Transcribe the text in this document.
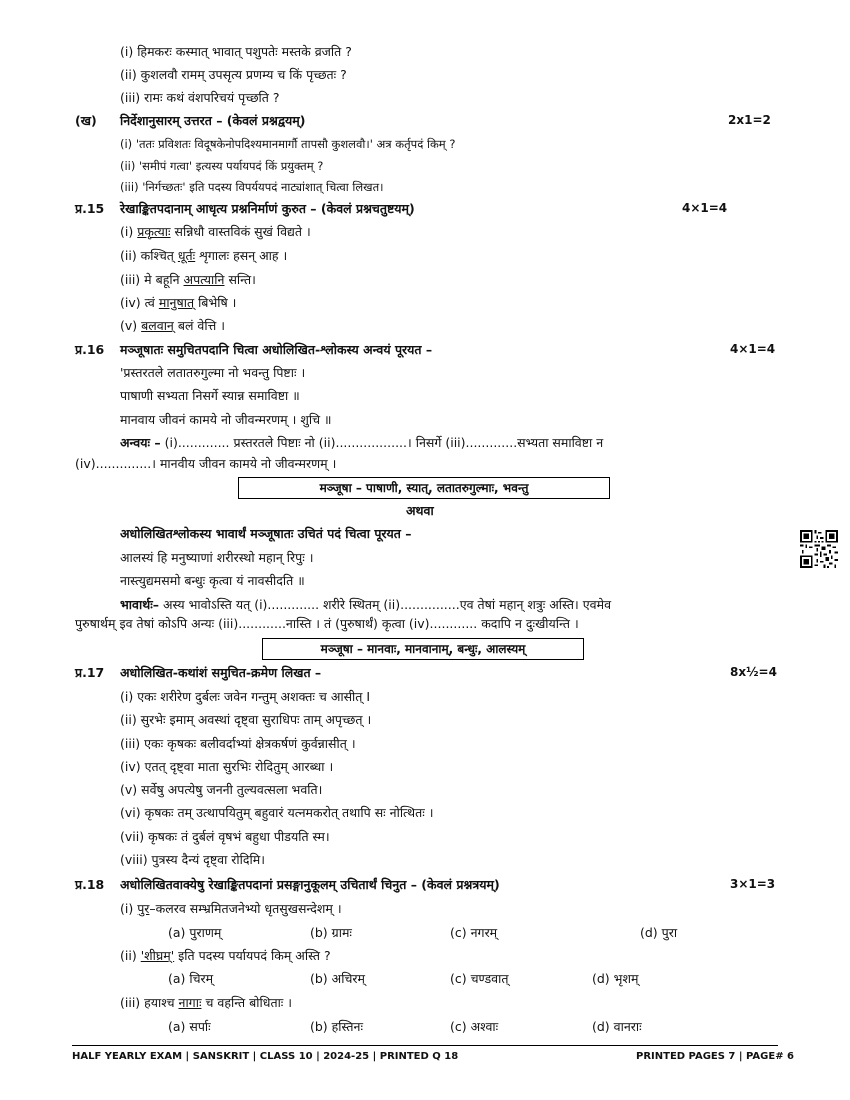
(i) हिमकरः कस्मात् भावात् पशुपतेः मस्तके व्रजति ?
(ii) कुशलवौ रामम् उपसृत्य प्रणम्य च किं पृच्छतः ?
(iii) रामः कथं वंशपरिचयं पृच्छति ?
(ख) निर्देशानुसारम् उत्तरत – (केवलं प्रश्नद्वयम्)	2x1=2
(i) 'ततः प्रविशतः विदूषकेनोपदिश्यमानमार्गौ तापसौ कुशलवौ।' अत्र कर्तृपदं किम् ?
(ii) 'समीपं गत्वा' इत्यस्य पर्यायपदं किं प्रयुक्तम् ?
(iii) 'निर्गच्छतः' इति पदस्य विपर्ययपदं नाट्यांशात् चित्वा लिखत।
प्र.15 रेखाङ्कितपदानाम् आधृत्य प्रश्ननिर्माणं कुरुत – (केवलं प्रश्नचतुष्टयम्)	4×1=4
(i) प्रकृत्याः सन्निधौ वास्तविकं सुखं विद्यते ।
(ii) कश्चित् धूर्तः शृगालः हसन् आह ।
(iii) मे बहूनि अपत्यानि सन्ति।
(iv) त्वं मानुषात् बिभेषि ।
(v) बलवान् बलं वेत्ति ।
प्र.16 मञ्जूषातः समुचितपदानि चित्वा अधोलिखित-श्लोकस्य अन्वयं पूरयत –	4×1=4
'प्रस्तरतले लतातरुगुल्मा नो भवन्तु पिष्टाः ।
पाषाणी सभ्यता निसर्गे स्यान्न समाविष्टा ॥
मानवाय जीवनं कामये नो जीवन्मरणम् । शुचि ॥
अन्वयः – (i)............. प्रस्तरतले पिष्टाः नो (ii)..................। निसर्गे (iii).............सभ्यता समाविष्टा न
(iv)..............। मानवीय जीवन कामये नो जीवन्मरणम् ।
मञ्जूषा – पाषाणी, स्यात्, लतातरुगुल्माः, भवन्तु
अथवा
अधोलिखितश्लोकस्य भावार्थं मञ्जूषातः उचितं पदं चित्वा पूरयत –
आलस्यं हि मनुष्याणां शरीरस्थो महान् रिपुः ।
नास्त्युद्यमसमो बन्धुः कृत्वा यं नावसीदति ॥
भावार्थः– अस्य भावोऽस्ति यत् (i)............. शरीरे स्थितम् (ii)...............एव तेषां महान् शत्रुः अस्ति। एवमेव
पुरुषार्थम् इव तेषां कोऽपि अन्यः (iii)............नास्ति । तं (पुरुषार्थं) कृत्वा (iv)............ कदापि न दुःखीयन्ति ।
मञ्जूषा – मानवाः, मानवानाम्, बन्धुः, आलस्यम्
प्र.17 अधोलिखित-कथांशं समुचित-क्रमेण लिखत –	8x½=4
(i) एकः शरीरेण दुर्बलः जवेन गन्तुम् अशक्तः च आसीत् I
(ii) सुरभेः इमाम् अवस्थां दृष्ट्वा सुराधिपः ताम् अपृच्छत् ।
(iii) एकः कृषकः बलीवर्दाभ्यां क्षेत्रकर्षणं कुर्वन्नासीत् ।
(iv) एतत् दृष्ट्वा माता सुरभिः रोदितुम् आरब्धा ।
(v) सर्वेषु अपत्येषु जननी तुल्यवत्सला भवति।
(vi) कृषकः तम् उत्थापयितुम् बहुवारं यत्नमकरोत् तथापि सः नोत्थितः ।
(vii) कृषकः तं दुर्बलं वृषभं बहुधा पीडयति स्म।
(viii) पुत्रस्य दैन्यं दृष्ट्वा रोदिमि।
प्र.18 अधोलिखितवाक्येषु रेखाङ्कितपदानां प्रसङ्गानुकूलम् उचितार्थं चिनुत – (केवलं प्रश्नत्रयम्)	3×1=3
(i) पुर–कलरव सम्भ्रमितजनेभ्यो धृतसुखसन्देशम् ।
(a) पुराणम्	(b) ग्रामः	(c) नगरम्	(d) पुरा
(ii) 'शीघ्रम्' इति पदस्य पर्यायपदं किम् अस्ति ?
(a) चिरम्	(b) अचिरम्	(c) चण्डवात्	(d) भृशम्
(iii) हयाश्च नागाः च वहन्ति बोधिताः ।
(a) सर्पाः	(b) हस्तिनः	(c) अश्वाः	(d) वानराः
HALF YEARLY EXAM | SANSKRIT | CLASS 10 | 2024-25 | PRINTED Q 18	PRINTED PAGES 7 | PAGE# 6
